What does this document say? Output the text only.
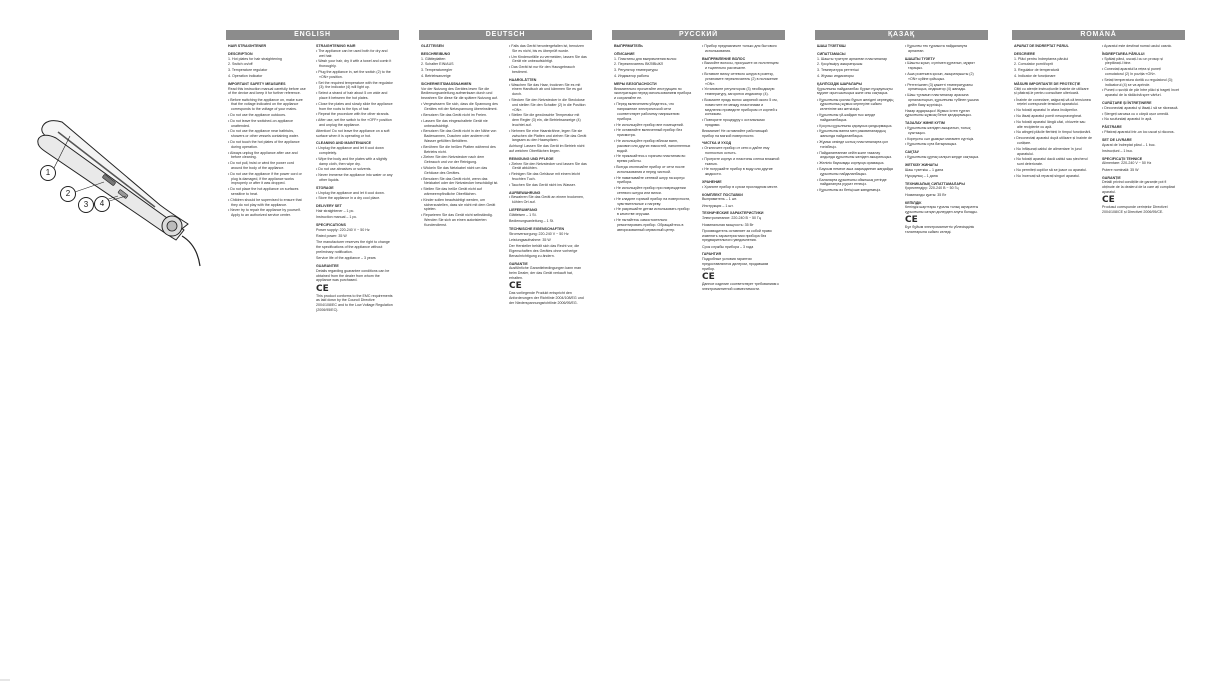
1
2
3	4
ENGLISH
HAIR STRAIGHTENER
DESCRIPTION
1. Hot plates for hair straightening
2. Switch on/off
3. Temperature regulator
4. Operation indicator
IMPORTANT SAFETY MEASURES

Read this instruction manual carefully before use of the device and keep it for further reference.

• Before switching the appliance on, make sure that the voltage indicated on the appliance corresponds to the voltage of your mains.
• Do not use the appliance outdoors.
• Do not leave the switched-on appliance unattended.
• Do not use the appliance near bathtubs, showers or other vessels containing water.
• Do not touch the hot plates of the appliance during operation.
• Always unplug the appliance after use and before cleaning.
• Do not pull, twist or wind the power cord around the body of the appliance.
• Do not use the appliance if the power cord or plug is damaged, if the appliance works improperly or after it was dropped.
• Do not place the hot appliance on surfaces sensitive to heat.
• Children should be supervised to ensure that they do not play with the appliance.
• Never try to repair the appliance by yourself. Apply to an authorized service center.
STRAIGHTENING HAIR
• The appliance can be used both for dry and wet hair.
• Wash your hair, dry it with a towel and comb it thoroughly.
• Plug the appliance in, set the switch (2) to the «ON» position.
• Set the required temperature with the regulator (3); the indicator (4) will light up.
• Select a strand of hair about 5 cm wide and place it between the hot plates.
• Close the plates and slowly slide the appliance from the roots to the tips of hair.
• Repeat the procedure with the other strands.
• After use, set the switch to the «OFF» position and unplug the appliance.

Attention! Do not leave the appliance on a soft surface when it is operating or hot.

CLEANING AND MAINTENANCE
• Unplug the appliance and let it cool down completely.
• Wipe the body and the plates with a slightly damp cloth, then wipe dry.
• Do not use abrasives or solvents.
• Never immerse the appliance into water or any other liquids.
STORAGE
• Unplug the appliance and let it cool down.
• Store the appliance in a dry cool place.
DELIVERY SET

Hair straightener – 1 pc.

Instruction manual – 1 pc.

SPECIFICATIONS

Power supply: 220-240 V ~ 50 Hz

Rated power: 35 W

The manufacturer reserves the right to change the specifications of the appliance without preliminary notification.

Service life of the appliance – 3 years

GUARANTEE

Details regarding guarantee conditions can be obtained from the dealer from whom the appliance was purchased.

CE

This product conforms to the EMC requirements as laid down by the Council Directive 2004/108/EC and to the Low Voltage Regulation (2006/95/EC).

DEUTSCH
GLÄTTEISEN
BESCHREIBUNG
1. Glätteplatten
2. Schalter EIN/AUS
3. Temperaturregler
4. Betriebsanzeige
SICHERHEITSMASSNAHMEN

Vor der Nutzung des Gerätes lesen Sie die Bedienungsanleitung aufmerksam durch und bewahren Sie diese für die spätere Nutzung auf.

• Vergewissern Sie sich, dass die Spannung des Gerätes mit der Netzspannung übereinstimmt.
• Benutzen Sie das Gerät nicht im Freien.
• Lassen Sie das eingeschaltete Gerät nie unbeaufsichtigt.
• Benutzen Sie das Gerät nicht in der Nähe von Badewannen, Duschen oder anderen mit Wasser gefüllten Behältern.
• Berühren Sie die heißen Platten während des Betriebs nicht.
• Ziehen Sie den Netzstecker nach dem Gebrauch und vor der Reinigung.
• Wickeln Sie das Netzkabel nicht um das Gehäuse des Gerätes.
• Benutzen Sie das Gerät nicht, wenn das Netzkabel oder der Netzstecker beschädigt ist.
• Stellen Sie das heiße Gerät nicht auf wärmeempfindliche Oberflächen.
• Kinder sollen beaufsichtigt werden, um sicherzustellen, dass sie nicht mit dem Gerät spielen.
• Reparieren Sie das Gerät nicht selbständig. Wenden Sie sich an einen autorisierten Kundendienst.
• Falls das Gerät heruntergefallen ist, benutzen Sie es nicht, bis es überprüft wurde.
• Um Kinderunfälle zu vermeiden, lassen Sie das Gerät nie unbeaufsichtigt.
• Das Gerät ist nur für den Hausgebrauch bestimmt.
HAARGLÄTTEN
• Waschen Sie das Haar, trocknen Sie es mit einem Handtuch ab und kämmen Sie es gut durch.
• Stecken Sie den Netzstecker in die Steckdose und stellen Sie den Schalter (2) in die Position «ON».
• Stellen Sie die gewünschte Temperatur mit dem Regler (3) ein, die Betriebsanzeige (4) leuchtet auf.
• Nehmen Sie eine Haarsträhne, legen Sie sie zwischen die Platten und ziehen Sie das Gerät langsam zu den Haarspitzen.

Achtung! Lassen Sie das Gerät im Betrieb nicht auf weichen Oberflächen liegen.

REINIGUNG UND PFLEGE
• Ziehen Sie den Netzstecker und lassen Sie das Gerät abkühlen.
• Reinigen Sie das Gehäuse mit einem leicht feuchten Tuch.
• Tauchen Sie das Gerät nicht ins Wasser.
AUFBEWAHRUNG
• Bewahren Sie das Gerät an einem trockenen, kühlen Ort auf.
LIEFERUMFANG

Glätteisen – 1 St.

Bedienungsanleitung – 1 St.

TECHNISCHE EIGENSCHAFTEN

Stromversorgung: 220-240 V ~ 50 Hz

Leistungsaufnahme: 35 W

Der Hersteller behält sich das Recht vor, die Eigenschaften des Gerätes ohne vorherige Benachrichtigung zu ändern.

GARANTIE

Ausführliche Garantiebedingungen kann man beim Dealer, der das Gerät verkauft hat, erhalten.

CE

Das vorliegende Produkt entspricht den Anforderungen der Richtlinie 2004/108/EG und der Niederspannungsrichtlinie 2006/95/EG.

РУССКИЙ
ВЫПРЯМИТЕЛЬ
ОПИСАНИЕ
1. Пластины для выпрямления волос
2. Переключатель ВКЛ/ВЫКЛ
3. Регулятор температуры
4. Индикатор работы
МЕРЫ БЕЗОПАСНОСТИ

Внимательно прочитайте инструкцию по эксплуатации перед использованием прибора и сохраняйте ее.

• Перед включением убедитесь, что напряжение электрической сети соответствует рабочему напряжению прибора.
• Не используйте прибор вне помещений.
• Не оставляйте включенный прибор без присмотра.
• Не используйте прибор вблизи ванн, раковин или других емкостей, наполненных водой.
• Не прикасайтесь к горячим пластинам во время работы.
• Всегда отключайте прибор от сети после использования и перед чисткой.
• Не наматывайте сетевой шнур на корпус прибора.
• Не используйте прибор при повреждении сетевого шнура или вилки.
• Не кладите горячий прибор на поверхности, чувствительные к нагреву.
• Не разрешайте детям использовать прибор в качестве игрушки.
• Не пытайтесь самостоятельно ремонтировать прибор. Обращайтесь в авторизованный сервисный центр.
• Прибор предназначен только для бытового использования.
ВЫПРЯМЛЕНИЕ ВОЛОС
• Вымойте волосы, просушите их полотенцем и тщательно расчешите.
• Вставьте вилку сетевого шнура в розетку, установите переключатель (2) в положение «ON».
• Установите регулятором (3) необходимую температуру, загорится индикатор (4).
• Возьмите прядь волос шириной около 5 см, поместите ее между пластинами и медленно проведите прибором от корней к кончикам.
• Повторите процедуру с остальными прядями.

Внимание! Не оставляйте работающий прибор на мягкой поверхности.

ЧИСТКА И УХОД
• Отключите прибор от сети и дайте ему полностью остыть.
• Протрите корпус и пластины слегка влажной тканью.
• Не погружайте прибор в воду или другие жидкости.
ХРАНЕНИЕ
• Храните прибор в сухом прохладном месте.
КОМПЛЕКТ ПОСТАВКИ

Выпрямитель – 1 шт.

Инструкция – 1 шт.

ТЕХНИЧЕСКИЕ ХАРАКТЕРИСТИКИ

Электропитание: 220-240 В ~ 50 Гц

Номинальная мощность: 35 Вт

Производитель оставляет за собой право изменять характеристики прибора без предварительного уведомления.

Срок службы прибора – 3 года

ГАРАНТИЯ

Подробные условия гарантии предоставляются дилером, продавшим прибор.

CE

Данное изделие соответствует требованиям к электромагнитной совместимости.

ҚАЗАҚ
ШАШ ТҮЗЕТКІШ
СИПАТТАМАСЫ
1. Шашты түзетуге арналған пластиналар
2. Қосу/өшіру ажыратқышы
3. Температура реттегіші
4. Жұмыс индикаторы
ҚАУІПСІЗДІК ШАРАЛАРЫ

Құрылғыны пайдаланбас бұрын нұсқаулықты мұқият оқып шығыңыз және оны сақтаңыз.

• Құрылғыны қоспас бұрын желідегі кернеудің құрылғының жұмыс кернеуіне сәйкес келетініне көз жеткізіңіз.
• Құрылғыны үй-жайдан тыс жерде пайдаланбаңыз.
• Қосулы құрылғыны қараусыз қалдырмаңыз.
• Құрылғыны ванна мен раковиналардың жанында пайдаланбаңыз.
• Жұмыс кезінде ыстық пластиналарға қол тигізбеңіз.
• Пайдаланғаннан кейін және тазалау алдында құрылғыны желіден ажыратыңыз.
• Желілік баусымды корпусқа орамаңыз.
• Баусым немесе аша зақымданған жағдайда құрылғыны пайдаланбаңыз.
• Балаларға құрылғыны ойыншық ретінде пайдалануға рұқсат етпеңіз.
• Құрылғыны өз бетіңізше жөндемеңіз.
• Құрылғы тек тұрмыста пайдалануға арналған.
ШАШТЫ ТҮЗЕТУ
• Шашты жуып, сүлгімен құрғатып, мұқият тараңыз.
• Аша розеткаға қосып, ажыратқышты (2) «ON» күйіне қойыңыз.
• Реттегішпен (3) қажетті температураны орнатыңыз, индикатор (4) жанады.
• Шаш тұтамын пластиналар арасына орналастырып, құрылғыны түбінен ұшына дейін баяу жүргізіңіз.

Назар аударыңыз! Жұмыс істеп тұрған құрылғыны жұмсақ бетке қалдырмаңыз.

ТАЗАЛАУ ЖӘНЕ КҮТІМ
• Құрылғыны желіден ажыратып, толық суытыңыз.
• Корпусты сәл дымқыл матамен сүртіңіз.
• Құрылғыны суға батырмаңыз.
САҚТАУ
• Құрылғыны құрғақ салқын жерде сақтаңыз.
ЖЕТКІЗУ ЖИНАҒЫ

Шаш түзеткіш – 1 дана

Нұсқаулық – 1 дана

ТЕХНИКАЛЫҚ СИПАТТАМАЛАРЫ

Қоректендіру: 220-240 В ~ 50 Гц

Номиналды қуаты: 35 Вт

КЕПІЛДІК

Кепілдік шарттары туралы толық ақпаратты құрылғыны сатқан дилерден алуға болады.

CE

Бұл бұйым электромагниттік үйлесімділік талаптарына сәйкес келеді.

ROMÂNĂ
APARAT DE ÎNDREPTAT PĂRUL
DESCRIERE
1. Plăci pentru îndreptarea părului
2. Comutator pornit/oprit
3. Regulator de temperatură
4. Indicator de funcționare
MĂSURI IMPORTANTE DE PROTECȚIE

Citiți cu atenție instrucțiunile înainte de utilizare și păstrați-le pentru consultare ulterioară.

• Înainte de conectare, asigurați-vă că tensiunea rețelei corespunde tensiunii aparatului.
• Nu folosiți aparatul în afara încăperilor.
• Nu lăsați aparatul pornit nesupravegheat.
• Nu folosiți aparatul lângă căzi, chiuvete sau alte recipiente cu apă.
• Nu atingeți plăcile fierbinți în timpul funcționării.
• Deconectați aparatul după utilizare și înainte de curățare.
• Nu înfășurați cablul de alimentare în jurul aparatului.
• Nu folosiți aparatul dacă cablul sau ștecherul sunt deteriorate.
• Nu permiteți copiilor să se joace cu aparatul.
• Nu încercați să reparați singuri aparatul.
• Aparatul este destinat numai uzului casnic.
ÎNDREPTAREA PĂRULUI
• Spălați părul, uscați-l cu un prosop și pieptănați-l bine.
• Conectați aparatul la rețea și puneți comutatorul (2) în poziția «ON».
• Setați temperatura dorită cu regulatorul (3); indicatorul (4) se va aprinde.
• Puneți o șuviță de păr între plăci și trageți încet aparatul de la rădăcină spre vârfuri.
CURĂȚARE ȘI ÎNTREȚINERE
• Deconectați aparatul și lăsați-l să se răcească.
• Ștergeți carcasa cu o cârpă ușor umedă.
• Nu scufundați aparatul în apă.
PĂSTRARE
• Păstrați aparatul într-un loc uscat și răcoros.
SET DE LIVRARE

Aparat de îndreptat părul – 1 buc.

Instrucțiuni – 1 buc.

SPECIFICAȚII TEHNICE

Alimentare: 220-240 V ~ 50 Hz

Putere nominală: 35 W

GARANȚIE

Detalii privind condițiile de garanție pot fi obținute de la dealerul de la care ați cumpărat aparatul.

CE

Produsul corespunde cerințelor Directivei 2004/108/CE și Directivei 2006/95/CE.
